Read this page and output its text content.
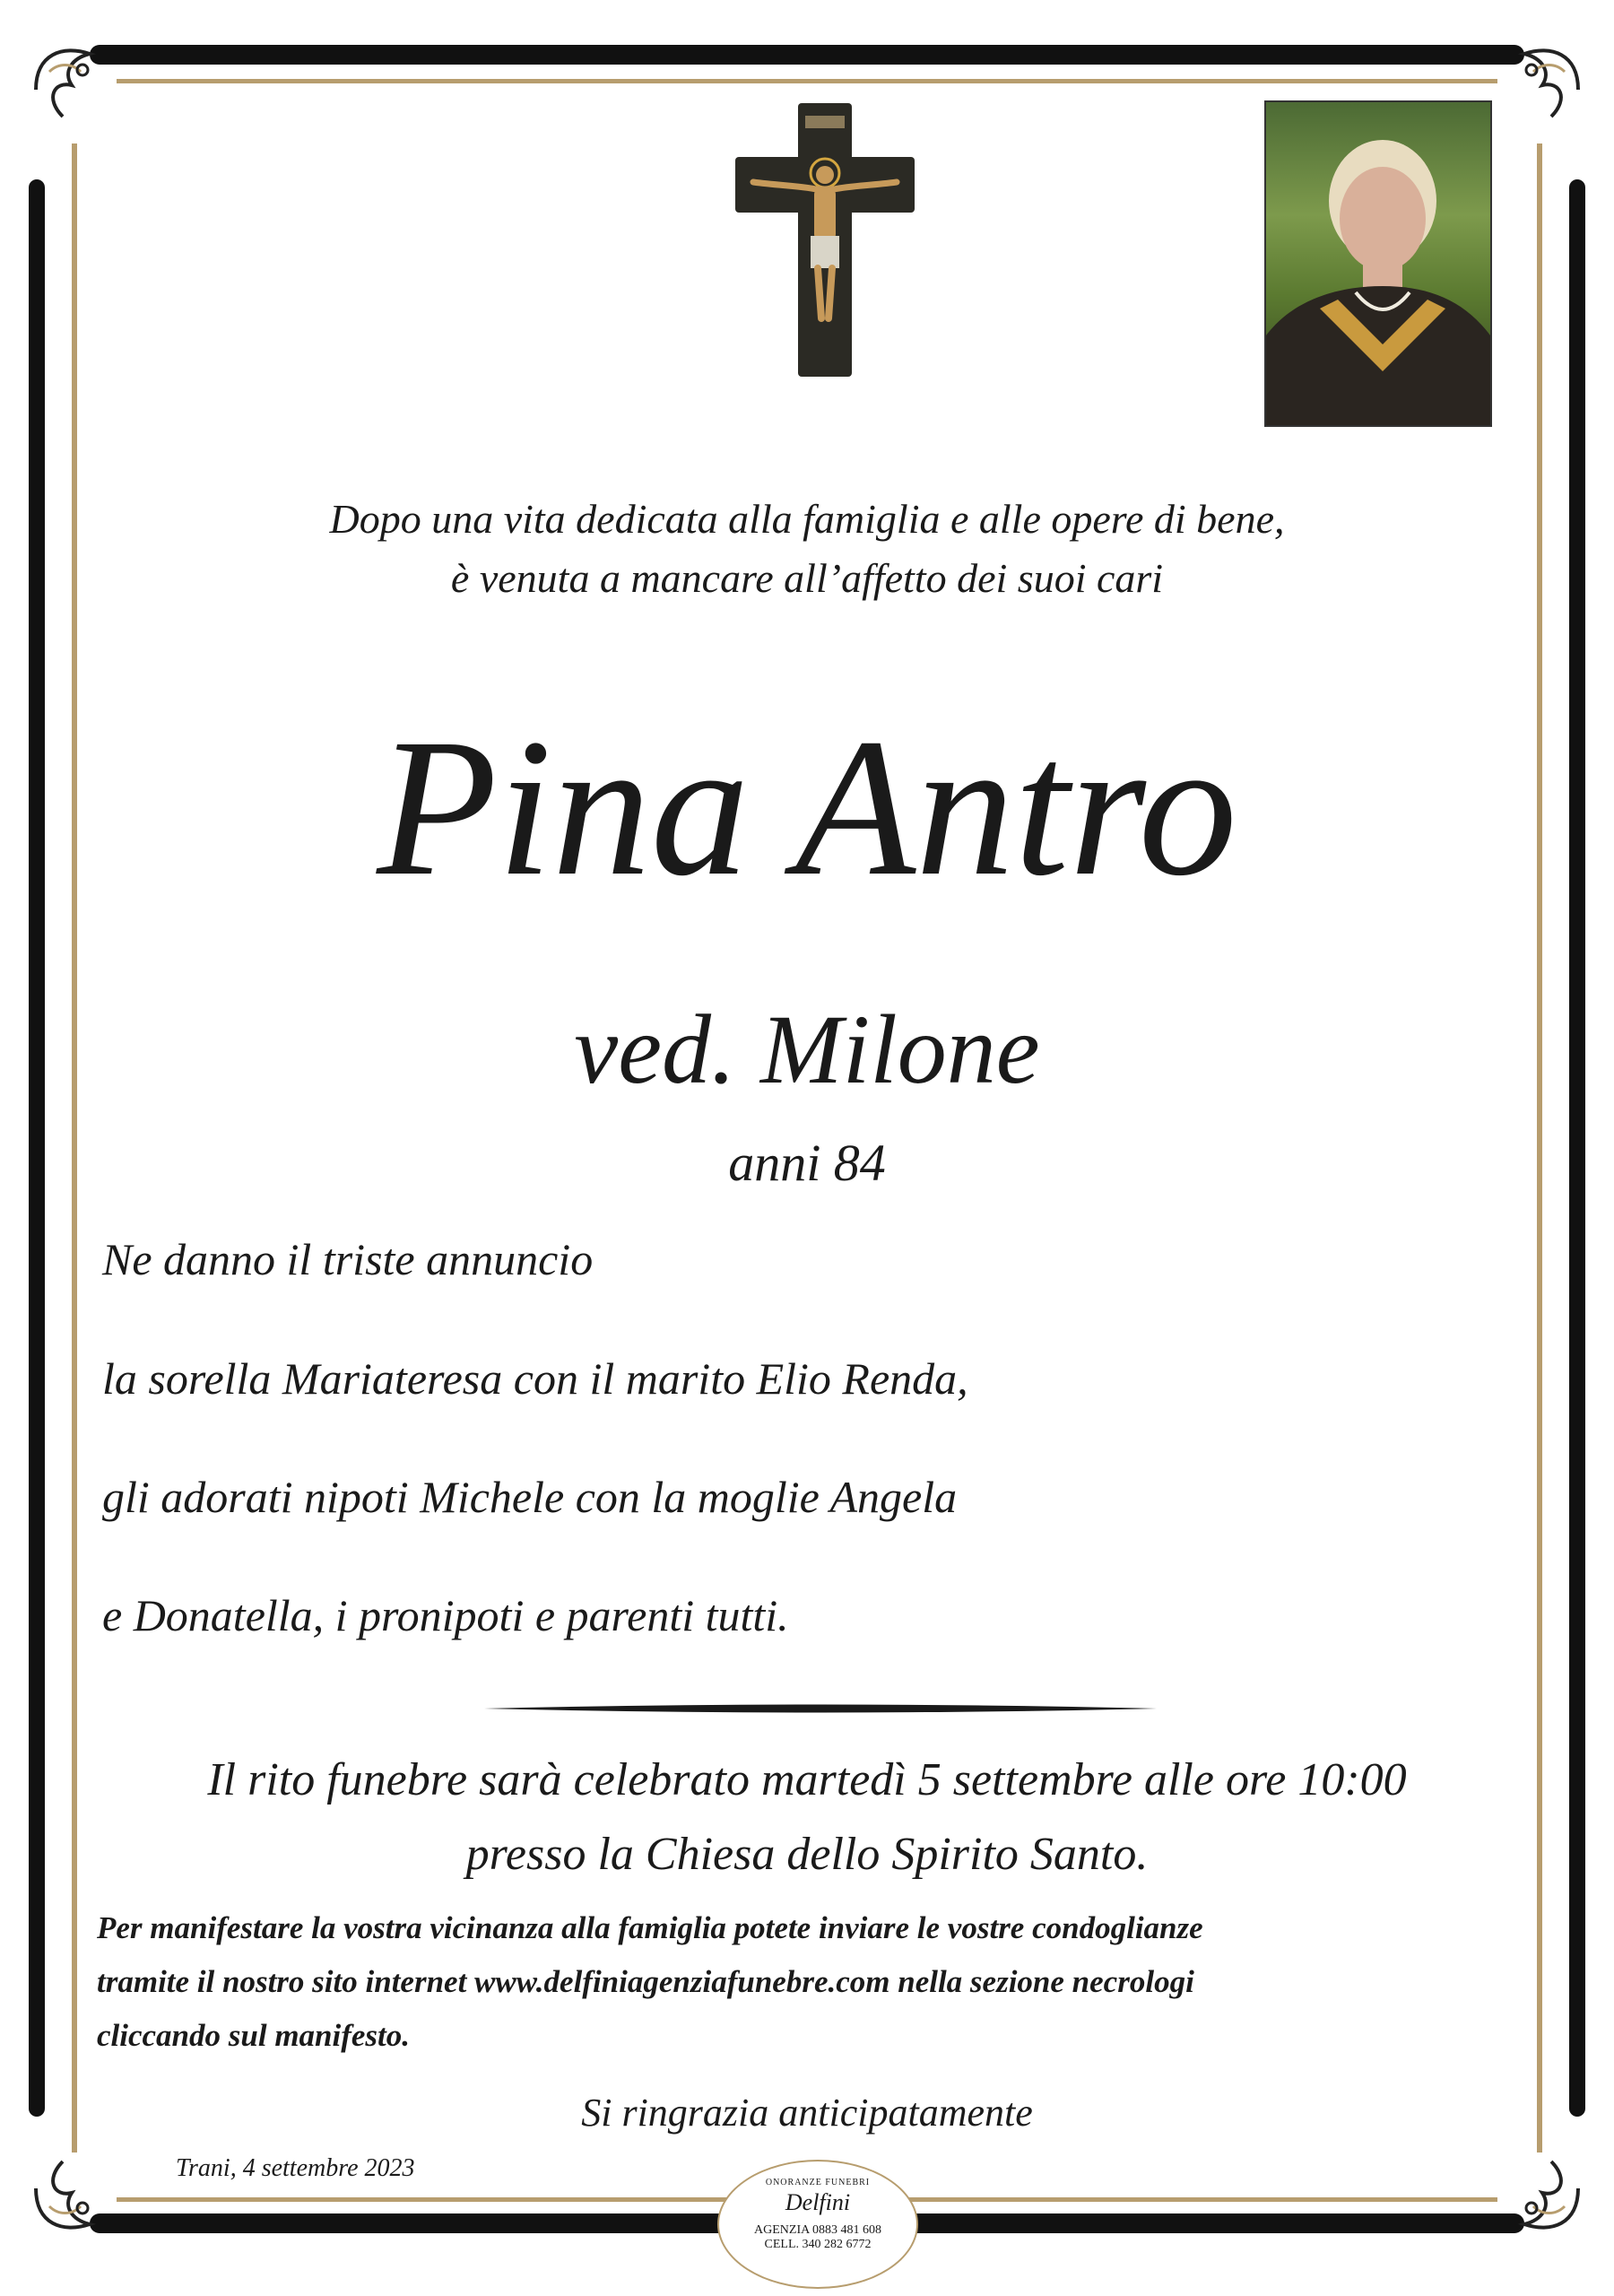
Dopo una vita dedicata alla famiglia e alle opere di bene,
è venuta a mancare all’affetto dei suoi cari
Pina Antro
ved. Milone
anni 84
Ne danno il triste annuncio
la sorella Mariateresa con il marito Elio Renda,
gli adorati nipoti Michele con la moglie Angela
e Donatella, i pronipoti e parenti tutti.
Il rito funebre sarà celebrato martedì 5 settembre alle ore 10:00
presso la Chiesa dello Spirito Santo.
Per manifestare la vostra vicinanza alla famiglia potete inviare le vostre condoglianze
tramite il nostro sito internet www.delfiniagenziafunebre.com nella sezione necrologi
cliccando sul manifesto.
Si ringrazia anticipatamente
Trani, 4 settembre 2023
ONORANZE FUNEBRI
Delfini
AGENZIA 0883 481 608
CELL. 340 282 6772
